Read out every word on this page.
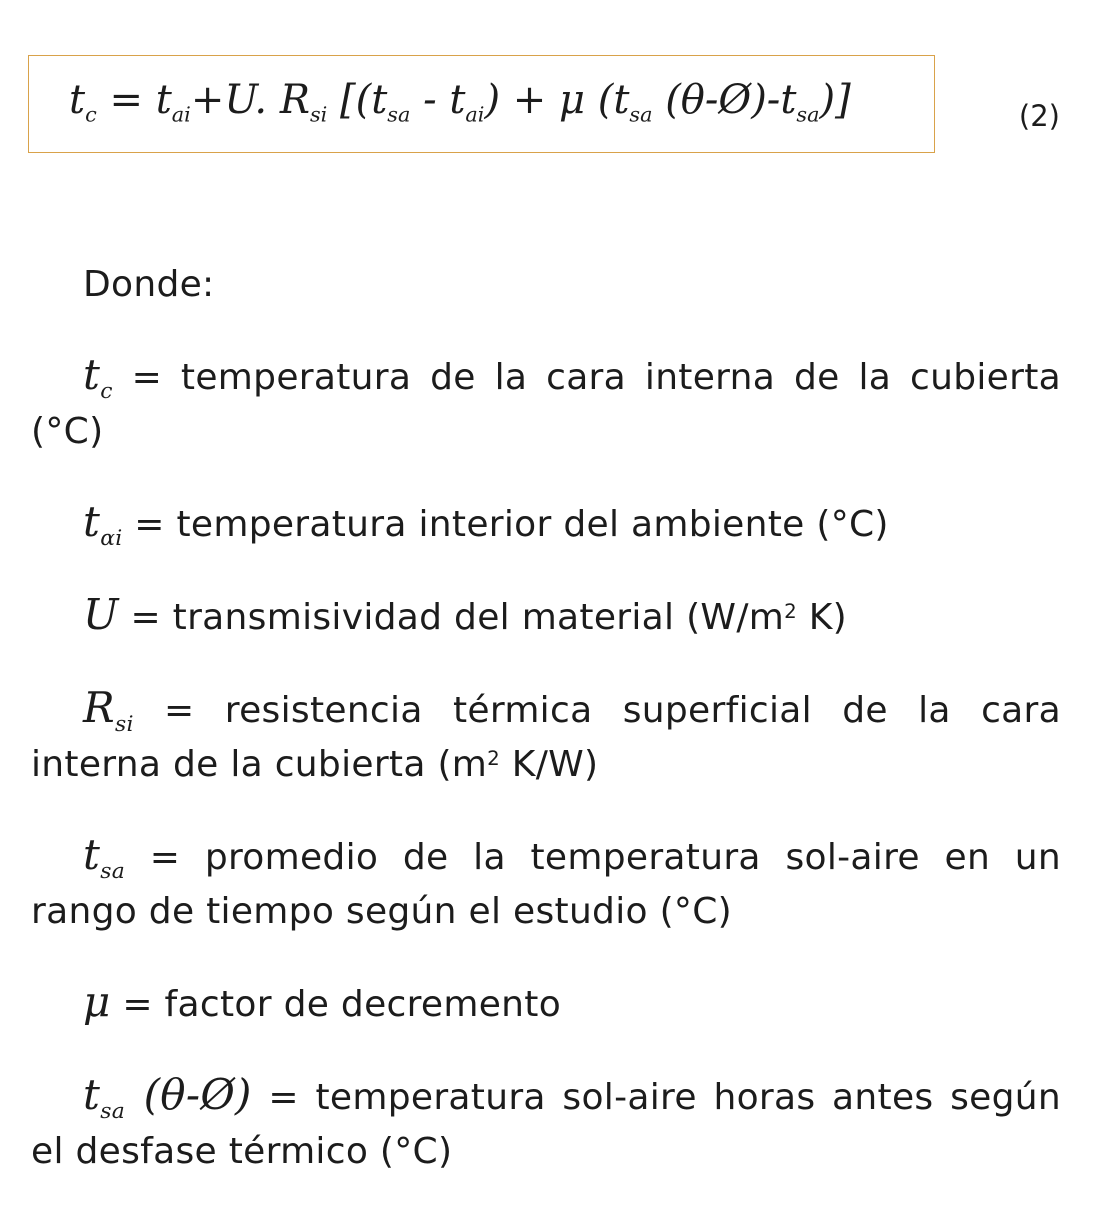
$t_c = t_{ai}+U$. $R_{si}$ [$(t_{sa} - t_{ai}) + \mu$ ($t_{sa}$ $(\theta-Ø)-t_{sa}$)]	(2)

Donde:

$t_c$ = temperatura de la cara interna de la cubierta (°C)

$t_{\alpha i}$ = temperatura interior del ambiente (°C)

U = transmisividad del material ($W/m^2$ K)

$R_{si}$ = resistencia térmica superficial de la cara interna de la cubierta ($m^2$ K/W)

$t_{sa}$ = promedio de la temperatura sol-aire en un rango de tiempo según el estudio (°C)

μ = factor de decremento

$t_{sa}$ (θ-Ø) = temperatura sol-aire horas antes según el desfase térmico (°C)
